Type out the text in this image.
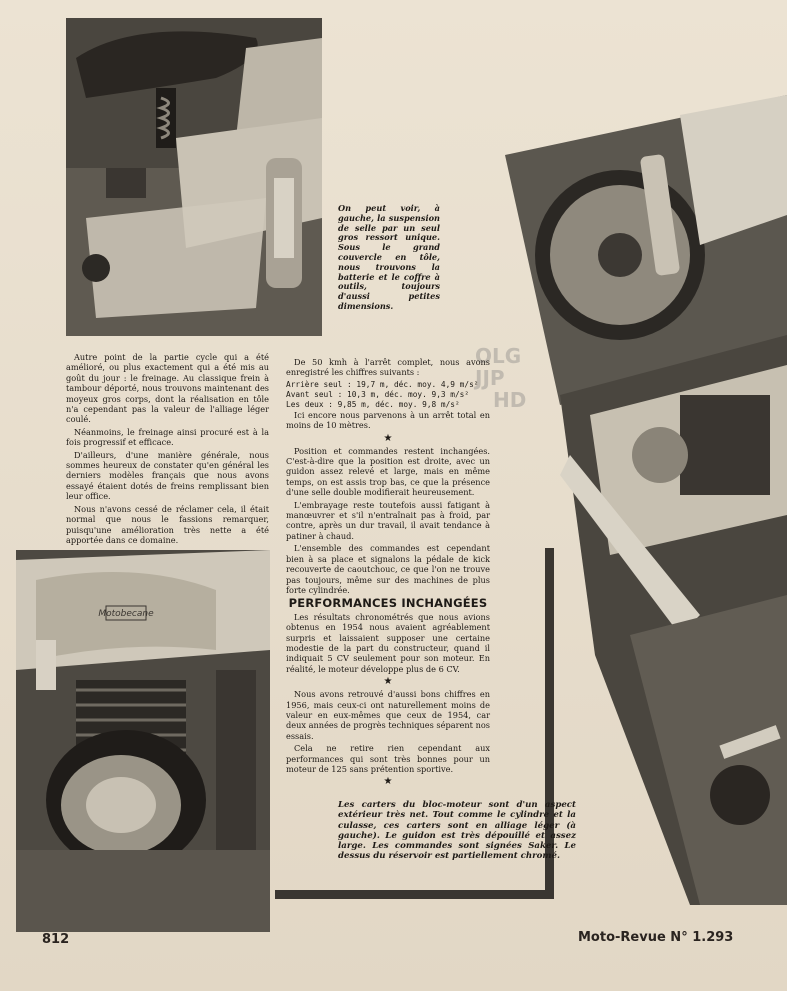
On peut voir, à gauche, la suspension de selle par un seul gros ressort unique. Sous le grand couvercle en tôle, nous trouvons la batterie et le coffre à outils, toujours d'aussi petites dimensions.
OLG
JJP
HD

Autre point de la partie cycle qui a été amélioré, ou plus exactement qui a été mis au goût du jour : le freinage. Au classique frein à tambour déporté, nous trouvons maintenant des moyeux gros corps, dont la réalisation en tôle n'a cependant pas la valeur de l'alliage léger coulé.

Néanmoins, le freinage ainsi procuré est à la fois progressif et efficace.

D'ailleurs, d'une manière générale, nous sommes heureux de constater qu'en général les derniers modèles français que nous avons essayé étaient dotés de freins remplissant bien leur office.

Nous n'avons cessé de réclamer cela, il était normal que nous le fassions remarquer, puisqu'une amélioration très nette a été apportée dans ce domaine.

De 50 kmh à l'arrêt complet, nous avons enregistré les chiffres suivants :

Arrière seul : 19,7 m, déc. moy. 4,9 m/s²
Avant seul : 10,3 m, déc. moy. 9,3 m/s²
Les deux : 9,85 m, déc. moy. 9,8 m/s²

Ici encore nous parvenons à un arrêt total en moins de 10 mètres.

★

Position et commandes restent inchangées. C'est-à-dire que la position est droite, avec un guidon assez relevé et large, mais en même temps, on est assis trop bas, ce que la présence d'une selle double modifierait heureusement.

L'embrayage reste toutefois aussi fatigant à manœuvrer et s'il n'entraînait pas à froid, par contre, après un dur travail, il avait tendance à patiner à chaud.

L'ensemble des commandes est cependant bien à sa place et signalons la pédale de kick recouverte de caoutchouc, ce que l'on ne trouve pas toujours, même sur des machines de plus forte cylindrée.

PERFORMANCES INCHANGÉES

Les résultats chronométrés que nous avions obtenus en 1954 nous avaient agréablement surpris et laissaient supposer une certaine modestie de la part du constructeur, quand il indiquait 5 CV seulement pour son moteur. En réalité, le moteur développe plus de 6 CV.

★

Nous avons retrouvé d'aussi bons chiffres en 1956, mais ceux-ci ont naturellement moins de valeur en eux-mêmes que ceux de 1954, car deux années de progrès techniques séparent nos essais.

Cela ne retire rien cependant aux performances qui sont très bonnes pour un moteur de 125 sans prétention sportive.

★
Les carters du bloc-moteur sont d'un aspect extérieur très net. Tout comme le cylindre et la culasse, ces carters sont en alliage léger (à gauche). Le guidon est très dépouillé et assez large. Les commandes sont signées Saker. Le dessus du réservoir est partiellement chromé.
Motobecane
812	Moto-Revue N° 1.293
